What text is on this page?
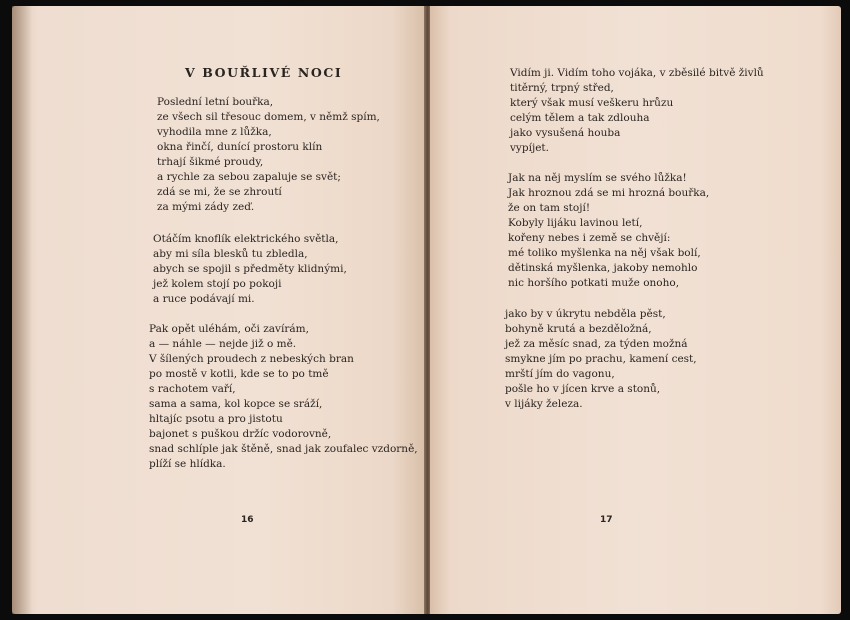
V BOUŘLIVÉ NOCI
Poslední letní bouřka,
ze všech sil třesouc domem, v němž spím,
vyhodila mne z lůžka,
okna řinčí, dunící prostoru klín
trhají šikmé proudy,
a rychle za sebou zapaluje se svět;
zdá se mi, že se zhroutí
za mými zády zeď.
Otáčím knoflík elektrického světla,
aby mi síla blesků tu zbledla,
abych se spojil s předměty klidnými,
jež kolem stojí po pokoji
a ruce podávají mi.
Pak opět uléhám, oči zavírám,
a — náhle — nejde již o mě.
V šílených proudech z nebeských bran
po mostě v kotli, kde se to po tmě
s rachotem vaří,
sama a sama, kol kopce se sráží,
hltajíc psotu a pro jistotu
bajonet s puškou držíc vodorovně,
snad schlíple jak štěně, snad jak zoufalec vzdorně,
plíží se hlídka.
16
Vidím ji. Vidím toho vojáka, v zběsilé bitvě živlů
titěrný, trpný střed,
který však musí veškeru hrůzu
celým tělem a tak zdlouha
jako vysušená houba
vypíjet.
Jak na něj myslím se svého lůžka!
Jak hroznou zdá se mi hrozná bouřka,
že on tam stojí!
Kobyly lijáku lavinou letí,
kořeny nebes i země se chvějí:
mé toliko myšlenka na něj však bolí,
dětinská myšlenka, jakoby nemohlo
nic horšího potkati muže onoho,
jako by v úkrytu nebděla pěst,
bohyně krutá a bezděložná,
jež za měsíc snad, za týden možná
smykne jím po prachu, kamení cest,
mrští jím do vagonu,
pošle ho v jícen krve a stonů,
v lijáky železa.
17
